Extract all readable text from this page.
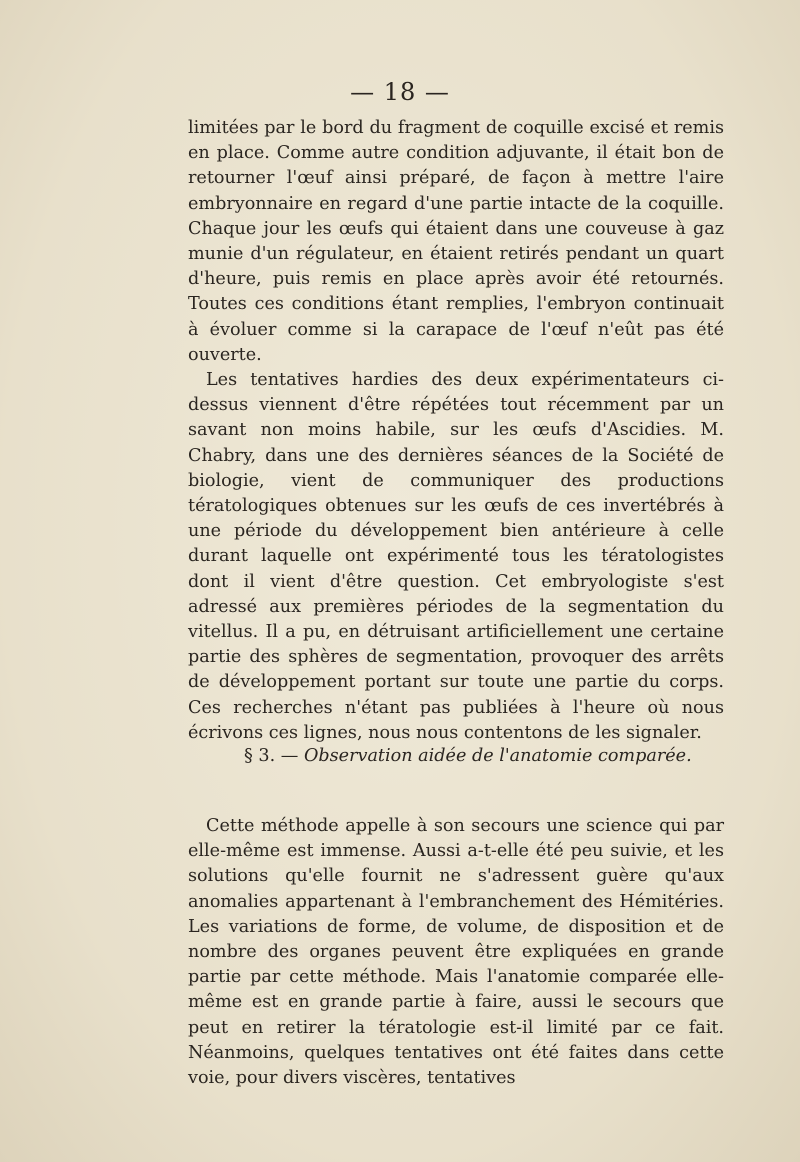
— 18 —

limitées par le bord du fragment de coquille excisé et remis en place. Comme autre condition adjuvante, il était bon de retourner l'œuf ainsi préparé, de façon à mettre l'aire embryonnaire en regard d'une partie intacte de la coquille. Chaque jour les œufs qui étaient dans une couveuse à gaz munie d'un régulateur, en étaient retirés pendant un quart d'heure, puis remis en place après avoir été retournés. Toutes ces conditions étant remplies, l'embryon continuait à évoluer comme si la carapace de l'œuf n'eût pas été ouverte.

Les tentatives hardies des deux expérimentateurs ci-dessus viennent d'être répétées tout récemment par un savant non moins habile, sur les œufs d'Ascidies. M. Chabry, dans une des dernières séances de la Société de biologie, vient de communiquer des productions tératologiques obtenues sur les œufs de ces invertébrés à une période du développement bien antérieure à celle durant laquelle ont expérimenté tous les tératologistes dont il vient d'être question. Cet embryologiste s'est adressé aux premières périodes de la segmentation du vitellus. Il a pu, en détruisant artificiellement une certaine partie des sphères de segmentation, provoquer des arrêts de développement portant sur toute une partie du corps. Ces recherches n'étant pas publiées à l'heure où nous écrivons ces lignes, nous nous contentons de les signaler.

§ 3. — Observation aidée de l'anatomie comparée.

Cette méthode appelle à son secours une science qui par elle-même est immense. Aussi a-t-elle été peu suivie, et les solutions qu'elle fournit ne s'adressent guère qu'aux anomalies appartenant à l'embranchement des Hémitéries. Les variations de forme, de volume, de disposition et de nombre des organes peuvent être expliquées en grande partie par cette méthode. Mais l'anatomie comparée elle-même est en grande partie à faire, aussi le secours que peut en retirer la tératologie est-il limité par ce fait. Néanmoins, quelques tentatives ont été faites dans cette voie, pour divers viscères, tentatives
